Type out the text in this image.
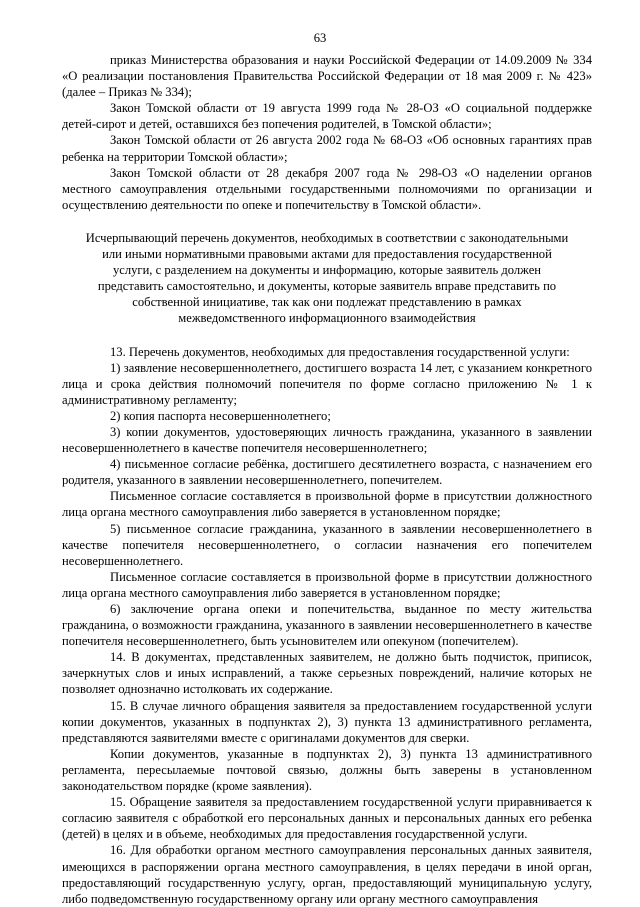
63

приказ Министерства образования и науки Российской Федерации от 14.09.2009 № 334 «О реализации постановления Правительства Российской Федерации от 18 мая 2009 г. № 423» (далее – Приказ № 334);

Закон Томской области от 19 августа 1999 года № 28-ОЗ «О социальной поддержке детей-сирот и детей, оставшихся без попечения родителей, в Томской области»;

Закон Томской области от 26 августа 2002 года № 68-ОЗ «Об основных гарантиях прав ребенка на территории Томской области»;

Закон Томской области от 28 декабря 2007 года № 298-ОЗ «О наделении органов местного самоуправления отдельными государственными полномочиями по организации и осуществлению деятельности по опеке и попечительству в Томской области».

Исчерпывающий перечень документов, необходимых в соответствии с законодательными или иными нормативными правовыми актами для предоставления государственной услуги, с разделением на документы и информацию, которые заявитель должен представить самостоятельно, и документы, которые заявитель вправе представить по собственной инициативе, так как они подлежат представлению в рамках межведомственного информационного взаимодействия

13. Перечень документов, необходимых для предоставления государственной услуги:

1) заявление несовершеннолетнего, достигшего возраста 14 лет, с указанием конкретного лица и срока действия полномочий попечителя по форме согласно приложению № 1 к административному регламенту;

2) копия паспорта несовершеннолетнего;

3) копии документов, удостоверяющих личность гражданина, указанного в заявлении несовершеннолетнего в качестве попечителя несовершеннолетнего;

4) письменное согласие ребёнка, достигшего десятилетнего возраста, с назначением его родителя, указанного в заявлении несовершеннолетнего, попечителем.

Письменное согласие составляется в произвольной форме в присутствии должностного лица органа местного самоуправления либо заверяется в установленном порядке;

5) письменное согласие гражданина, указанного в заявлении несовершеннолетнего в качестве попечителя несовершеннолетнего, о согласии назначения его попечителем несовершеннолетнего.

Письменное согласие составляется в произвольной форме в присутствии должностного лица органа местного самоуправления либо заверяется в установленном порядке;

6) заключение органа опеки и попечительства, выданное по месту жительства гражданина, о возможности гражданина, указанного в заявлении несовершеннолетнего в качестве попечителя несовершеннолетнего, быть усыновителем или опекуном (попечителем).

14. В документах, представленных заявителем, не должно быть подчисток, приписок, зачеркнутых слов и иных исправлений, а также серьезных повреждений, наличие которых не позволяет однозначно истолковать их содержание.

15. В случае личного обращения заявителя за предоставлением государственной услуги копии документов, указанных в подпунктах 2), 3) пункта 13 административного регламента, представляются заявителями вместе с оригиналами документов для сверки.

Копии документов, указанные в подпунктах 2), 3) пункта 13 административного регламента, пересылаемые почтовой связью, должны быть заверены в установленном законодательством порядке (кроме заявления).

15. Обращение заявителя за предоставлением государственной услуги приравнивается к согласию заявителя с обработкой его персональных данных и персональных данных его ребенка (детей) в целях и в объеме, необходимых для предоставления государственной услуги.

16. Для обработки органом местного самоуправления персональных данных заявителя, имеющихся в распоряжении органа местного самоуправления, в целях передачи в иной орган, предоставляющий государственную услугу, орган, предоставляющий муниципальную услугу, либо подведомственную государственному органу или органу местного самоуправления
